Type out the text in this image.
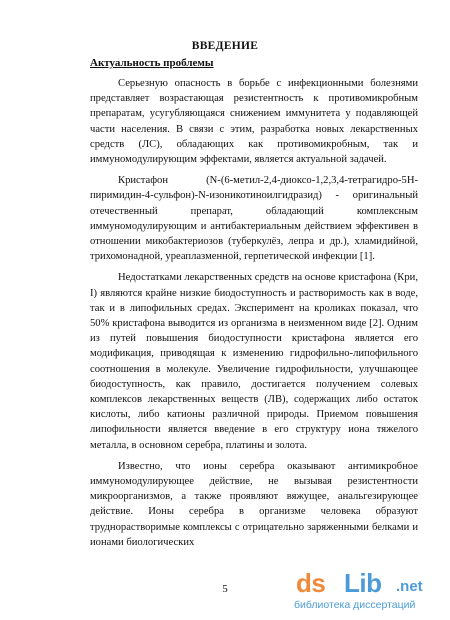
ВВЕДЕНИЕ
Актуальность проблемы

Серьезную опасность в борьбе с инфекционными болезнями представляет возрастающая резистентность к противомикробным препаратам, усугубляющаяся снижением иммунитета у подавляющей части населения. В связи с этим, разработка новых лекарственных средств (ЛС), обладающих как противомикробным, так и иммуномодулирующим эффектами, является актуальной задачей.

Кристафон (N-(6-метил-2,4-диоксо-1,2,3,4-тетрагидро-5Н-пиримидин-4-сульфон)-N-изоникотиноилгидразид) - оригинальный отечественный препарат, обладающий комплексным иммуномодулирующим и антибактериальным действием эффективен в отношении микобактериозов (туберкулёз, лепра и др.), хламидийной, трихомонадной, уреаплазменной, герпетической инфекции [1].

Недостатками лекарственных средств на основе кристафона (Кри, I) являются крайне низкие биодоступность и растворимость как в воде, так и в липофильных средах. Эксперимент на кроликах показал, что 50% кристафона выводится из организма в неизменном виде [2]. Одним из путей повышения биодоступности кристафона является его модификация, приводящая к изменению гидрофильно-липофильного соотношения в молекуле. Увеличение гидрофильности, улучшающее биодоступность, как правило, достигается получением солевых комплексов лекарственных веществ (ЛВ), содержащих либо остаток кислоты, либо катионы различной природы. Приемом повышения липофильности является введение в его структуру иона тяжелого металла, в основном серебра, платины и золота.

Известно, что ионы серебра оказывают антимикробное иммуномодулирующее действие, не вызывая резистентности микроорганизмов, а также проявляют вяжущее, анальгезирующее действие. Ионы серебра в организме человека образуют труднорастворимые комплексы с отрицательно заряженными белками и ионами биологических

5	ds Lib .net
библиотека диссертаций
